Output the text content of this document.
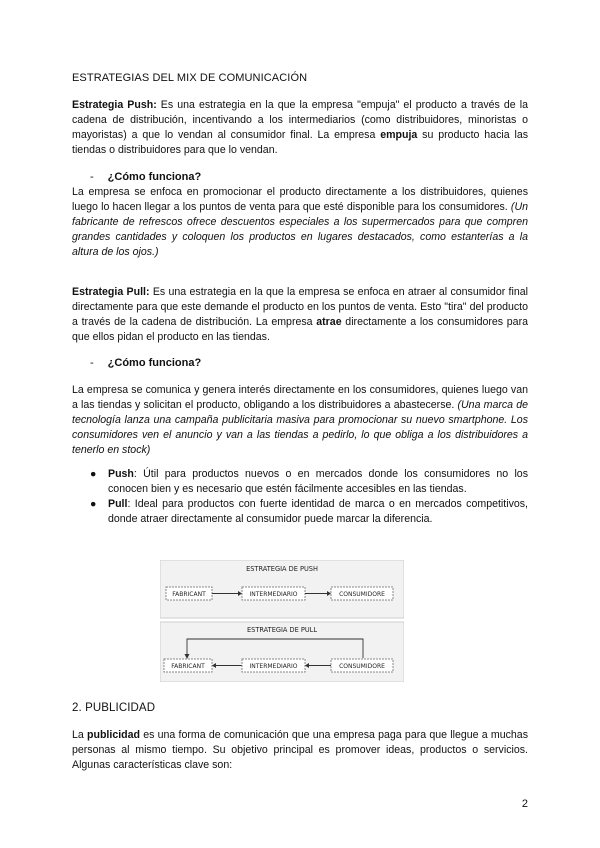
ESTRATEGIAS DEL MIX DE COMUNICACIÓN
Estrategia Push: Es una estrategia en la que la empresa "empuja" el producto a través de la cadena de distribución, incentivando a los intermediarios (como distribuidores, minoristas o mayoristas) a que lo vendan al consumidor final. La empresa empuja su producto hacia las tiendas o distribuidores para que lo vendan.
- ¿Cómo funciona?
La empresa se enfoca en promocionar el producto directamente a los distribuidores, quienes luego lo hacen llegar a los puntos de venta para que esté disponible para los consumidores. (Un fabricante de refrescos ofrece descuentos especiales a los supermercados para que compren grandes cantidades y coloquen los productos en lugares destacados, como estanterías a la altura de los ojos.)
Estrategia Pull: Es una estrategia en la que la empresa se enfoca en atraer al consumidor final directamente para que este demande el producto en los puntos de venta. Esto "tira" del producto a través de la cadena de distribución. La empresa atrae directamente a los consumidores para que ellos pidan el producto en las tiendas.
- ¿Cómo funciona?
La empresa se comunica y genera interés directamente en los consumidores, quienes luego van a las tiendas y solicitan el producto, obligando a los distribuidores a abastecerse. (Una marca de tecnología lanza una campaña publicitaria masiva para promocionar su nuevo smartphone. Los consumidores ven el anuncio y van a las tiendas a pedirlo, lo que obliga a los distribuidores a tenerlo en stock)
● Push: Útil para productos nuevos o en mercados donde los consumidores no los conocen bien y es necesario que estén fácilmente accesibles en las tiendas.
● Pull: Ideal para productos con fuerte identidad de marca o en mercados competitivos, donde atraer directamente al consumidor puede marcar la diferencia.
ESTRATEGIA DE PUSH
FABRICANT	INTERMEDIARIO	CONSUMIDORE
ESTRATEGIA DE PULL
FABRICANT	INTERMEDIARIO	CONSUMIDORE
2. PUBLICIDAD
La publicidad es una forma de comunicación que una empresa paga para que llegue a muchas personas al mismo tiempo. Su objetivo principal es promover ideas, productos o servicios. Algunas características clave son:
2
